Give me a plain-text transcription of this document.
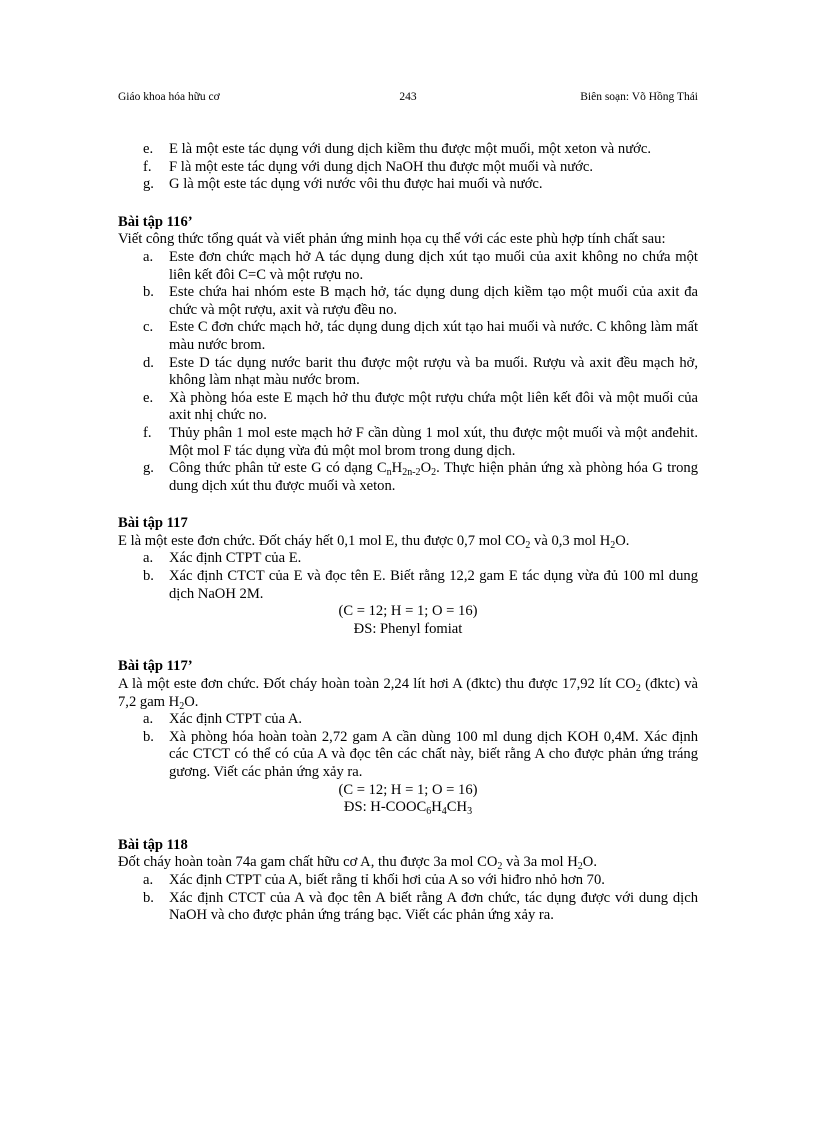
Giáo khoa hóa hữu cơ	243	Biên soạn: Võ Hồng Thái
e. E là một este tác dụng với dung dịch kiềm thu được một muối, một xeton và nước.
f. F là một este tác dụng với dung dịch NaOH thu được một muối và nước.
g. G là một este tác dụng với nước vôi thu được hai muối và nước.
Bài tập 116’
Viết công thức tổng quát và viết phản ứng minh họa cụ thể với các este phù hợp tính chất sau:
a. Este đơn chức mạch hở A tác dụng dung dịch xút tạo muối của axit không no chứa một liên kết đôi C=C và một rượu no.
b. Este chứa hai nhóm este B mạch hở, tác dụng dung dịch kiềm tạo một muối của axit đa chức và một rượu, axit và rượu đều no.
c. Este C đơn chức mạch hở, tác dụng dung dịch xút tạo hai muối và nước. C không làm mất màu nước brom.
d. Este D tác dụng nước barit thu được một rượu và ba muối. Rượu và axit đều mạch hở, không làm nhạt màu nước brom.
e. Xà phòng hóa este E mạch hở thu được một rượu chứa một liên kết đôi và một muối của axit nhị chức no.
f. Thủy phân 1 mol este mạch hở F cần dùng 1 mol xút, thu được một muối và một anđehit. Một mol F tác dụng vừa đủ một mol brom trong dung dịch.
g. Công thức phân tử este G có dạng $C_nH_{2n-2}O_2$. Thực hiện phản ứng xà phòng hóa G trong dung dịch xút thu được muối và xeton.
Bài tập 117
E là một este đơn chức. Đốt cháy hết 0,1 mol E, thu được 0,7 mol $CO_2$ và 0,3 mol $H_2O$.
a. Xác định CTPT của E.
b. Xác định CTCT của E và đọc tên E. Biết rằng 12,2 gam E tác dụng vừa đủ 100 ml dung dịch NaOH 2M.
(C = 12; H = 1; O = 16)
ĐS: Phenyl fomiat
Bài tập 117’
A là một este đơn chức. Đốt cháy hoàn toàn 2,24 lít hơi A (đktc) thu được 17,92 lít $CO_2$ (đktc) và 7,2 gam $H_2O$.
a. Xác định CTPT của A.
b. Xà phòng hóa hoàn toàn 2,72 gam A cần dùng 100 ml dung dịch KOH 0,4M. Xác định các CTCT có thể có của A và đọc tên các chất này, biết rằng A cho được phản ứng tráng gương. Viết các phản ứng xảy ra.
(C = 12; H = 1; O = 16)
ĐS: $H-COOC_6H_4CH_3$
Bài tập 118
Đốt cháy hoàn toàn 74a gam chất hữu cơ A, thu được 3a mol $CO_2$ và 3a mol $H_2O$.
a. Xác định CTPT của A, biết rằng tỉ khối hơi của A so với hiđro nhỏ hơn 70.
b. Xác định CTCT của A và đọc tên A biết rằng A đơn chức, tác dụng được với dung dịch NaOH và cho được phản ứng tráng bạc. Viết các phản ứng xảy ra.
